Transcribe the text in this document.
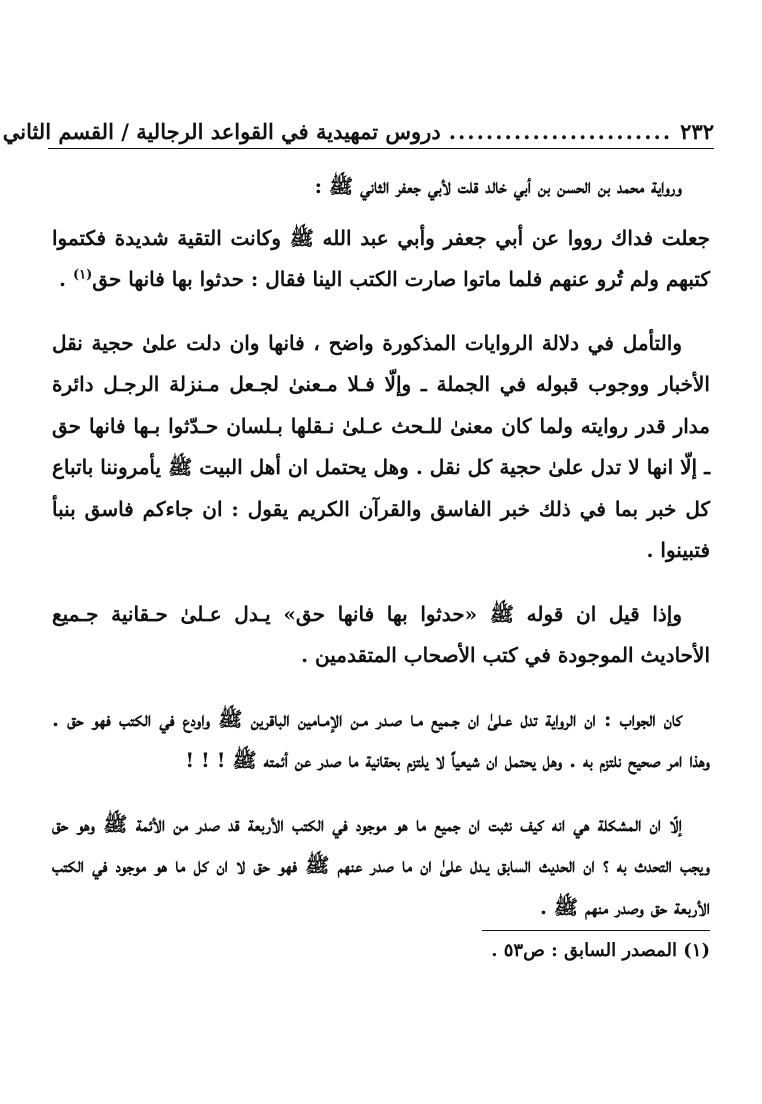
٢٣٢
........................
دروس تمهيدية في القواعد الرجالية / القسم الثاني

ورواية محمد بن الحسن بن أبي خالد قلت لأبي جعفر الثاني ﷺ :

جعلت فداك رووا عن أبي جعفر وأبي عبد الله ﷺ وكانت التقية شديدة فكتموا كتبهم ولم تُرو عنهم فلما ماتوا صارت الكتب الينا فقال : حدثوا بها فانها حق$^{(١)}$ .

والتأمل في دلالة الروايات المذكورة واضح ، فانها وان دلت علىٰ حجية نقل الأخبار ووجوب قبوله في الجملة ـ وإلّا فـلا مـعنىٰ لجـعل مـنزلة الرجـل دائرة مدار قدر روايته ولما كان معنىٰ للـحث عـلىٰ نـقلها بـلسان حـدّثوا بـها فانها حق ـ إلّا انها لا تدل علىٰ حجية كل نقل . وهل يحتمل ان أهل البيت ﷺ يأمروننا باتباع كل خبر بما في ذلك خبر الفاسق والقرآن الكريم يقول : ان جاءكم فاسق بنبأ فتبينوا .

وإذا قيل ان قوله ﷺ «حدثوا بها فانها حق» يـدل عـلىٰ حـقانية جـميع الأحاديث الموجودة في كتب الأصحاب المتقدمين .

كان الجواب : ان الرواية تدل عـلىٰ ان جـميع مـا صـدر مـن الإمـامين الباقرين ﷺ واودع في الكتب فهو حق . وهذا امر صحيح نلتزم به . وهل يحتمل ان شيعياً لا يلتزم بحقانية ما صدر عن أئمته ﷺ ! ! !

إلّا ان المشكلة هي انه كيف نثبت ان جميع ما هو موجود في الكتب الأربعة قد صدر من الأئمة ﷺ وهو حق ويجب التحدث به ؟ ان الحديث السابق يـدل علىٰ ان ما صدر عنهم ﷺ فهو حق لا ان كل ما هو موجود في الكتب الأربعة حق وصدر منهم ﷺ .

(١) المصدر السابق : ص٥٣ .
